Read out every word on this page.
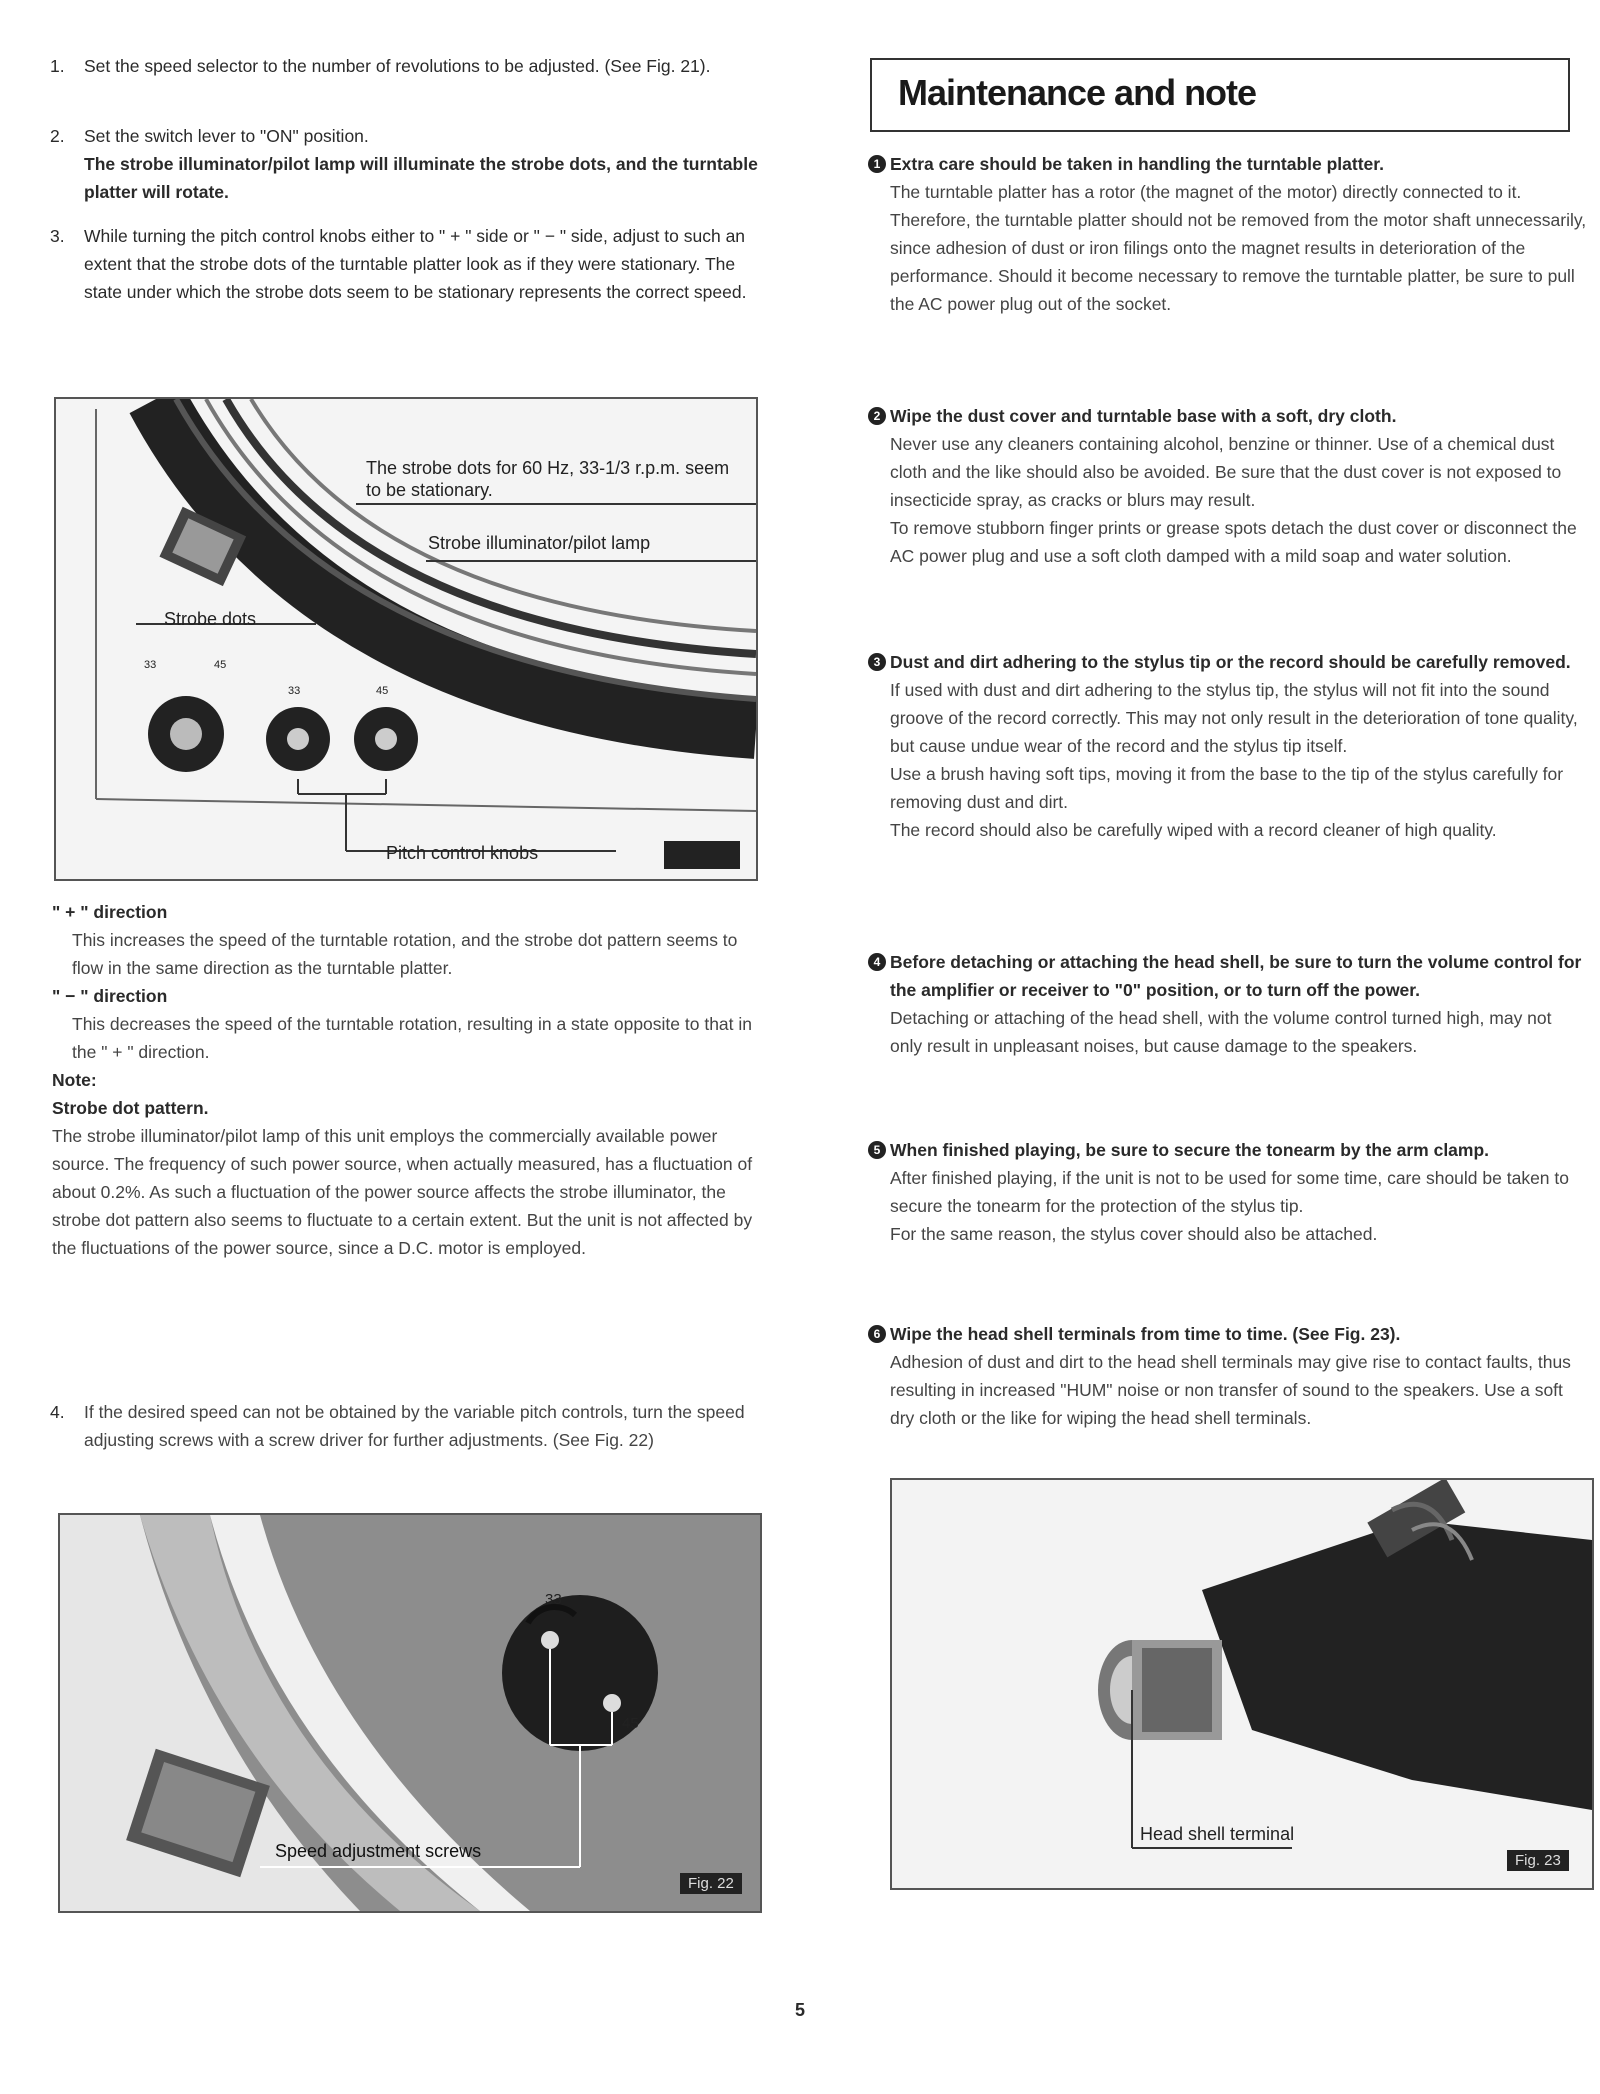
1.	Set the speed selector to the number of revolutions to be adjusted. (See Fig. 21).

2.	Set the switch lever to "ON" position.

The strobe illuminator/pilot lamp will illuminate the strobe dots, and the turntable platter will rotate.

3.	While turning the pitch control knobs either to " + " side or " − " side, adjust to such an extent that the strobe dots of the turntable platter look as if they were stationary. The state under which the strobe dots seem to be stationary represents the correct speed.

The strobe dots for 60 Hz, 33-1/3 r.p.m. seem to be stationary.
Strobe illuminator/pilot lamp
Strobe dots
33	45
33	45
Pitch control knobs

" + " direction

This increases the speed of the turntable rotation, and the strobe dot pattern seems to flow in the same direction as the turntable platter.

" − " direction

This decreases the speed of the turntable rotation, resulting in a state opposite to that in the " + " direction.

Note:

Strobe dot pattern.

The strobe illuminator/pilot lamp of this unit employs the commercially available power source. The frequency of such power source, when actually measured, has a fluctuation of about 0.2%. As such a fluctuation of the power source affects the strobe illuminator, the strobe dot pattern also seems to fluctuate to a certain extent. But the unit is not affected by the fluctuations of the power source, since a D.C. motor is employed.

4.	If the desired speed can not be obtained by the variable pitch controls, turn the speed adjusting screws with a screw driver for further adjustments. (See Fig. 22)

33
45
Speed adjustment screws
Fig. 22
Maintenance and note
1 Extra care should be taken in handling the turntable platter.

The turntable platter has a rotor (the magnet of the motor) directly connected to it. Therefore, the turntable platter should not be removed from the motor shaft unnecessarily, since adhesion of dust or iron filings onto the magnet results in deterioration of the performance. Should it become necessary to remove the turntable platter, be sure to pull the AC power plug out of the socket.

2 Wipe the dust cover and turntable base with a soft, dry cloth.

Never use any cleaners containing alcohol, benzine or thinner. Use of a chemical dust cloth and the like should also be avoided. Be sure that the dust cover is not exposed to insecticide spray, as cracks or blurs may result.

To remove stubborn finger prints or grease spots detach the dust cover or disconnect the AC power plug and use a soft cloth damped with a mild soap and water solution.

3 Dust and dirt adhering to the stylus tip or the record should be carefully removed.

If used with dust and dirt adhering to the stylus tip, the stylus will not fit into the sound groove of the record correctly. This may not only result in the deterioration of tone quality, but cause undue wear of the record and the stylus tip itself.

Use a brush having soft tips, moving it from the base to the tip of the stylus carefully for removing dust and dirt.

The record should also be carefully wiped with a record cleaner of high quality.

4 Before detaching or attaching the head shell, be sure to turn the volume control for the amplifier or receiver to "0" position, or to turn off the power.

Detaching or attaching of the head shell, with the volume control turned high, may not only result in unpleasant noises, but cause damage to the speakers.

5 When finished playing, be sure to secure the tonearm by the arm clamp.

After finished playing, if the unit is not to be used for some time, care should be taken to secure the tonearm for the protection of the stylus tip.

For the same reason, the stylus cover should also be attached.

6 Wipe the head shell terminals from time to time. (See Fig. 23).

Adhesion of dust and dirt to the head shell terminals may give rise to contact faults, thus resulting in increased "HUM" noise or non transfer of sound to the speakers. Use a soft dry cloth or the like for wiping the head shell terminals.

Head shell terminal
Fig. 23
5
